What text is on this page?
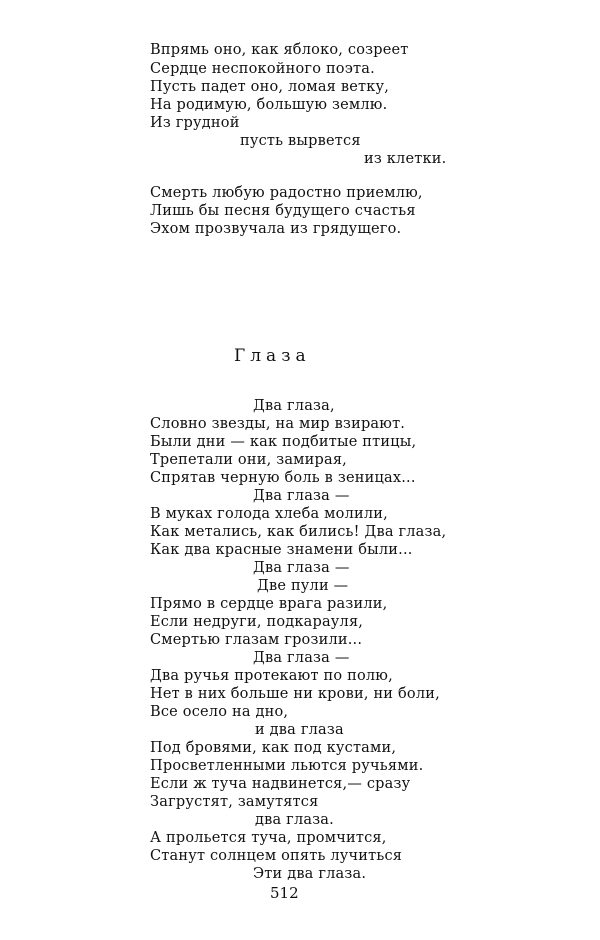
Впрямь оно, как яблоко, созреет
Сердце неспокойного поэта.
Пусть падет оно, ломая ветку,
На родимую, большую землю.
Из грудной
пусть вырвется
из клетки.
Смерть любую радостно приемлю,
Лишь бы песня будущего счастья
Эхом прозвучала из грядущего.
Глаза
Два глаза,
Словно звезды, на мир взирают.
Были дни — как подбитые птицы,
Трепетали они, замирая,
Спрятав черную боль в зеницах...
Два глаза —
В муках голода хлеба молили,
Как метались, как бились! Два глаза,
Как два красные знамени были...
Два глаза —
Две пули —
Прямо в сердце врага разили,
Если недруги, подкарауля,
Смертью глазам грозили...
Два глаза —
Два ручья протекают по полю,
Нет в них больше ни крови, ни боли,
Все осело на дно,
и два глаза
Под бровями, как под кустами,
Просветленными льются ручьями.
Если ж туча надвинется,— сразу
Загрустят, замутятся
два глаза.
А прольется туча, промчится,
Станут солнцем опять лучиться
Эти два глаза.
512
